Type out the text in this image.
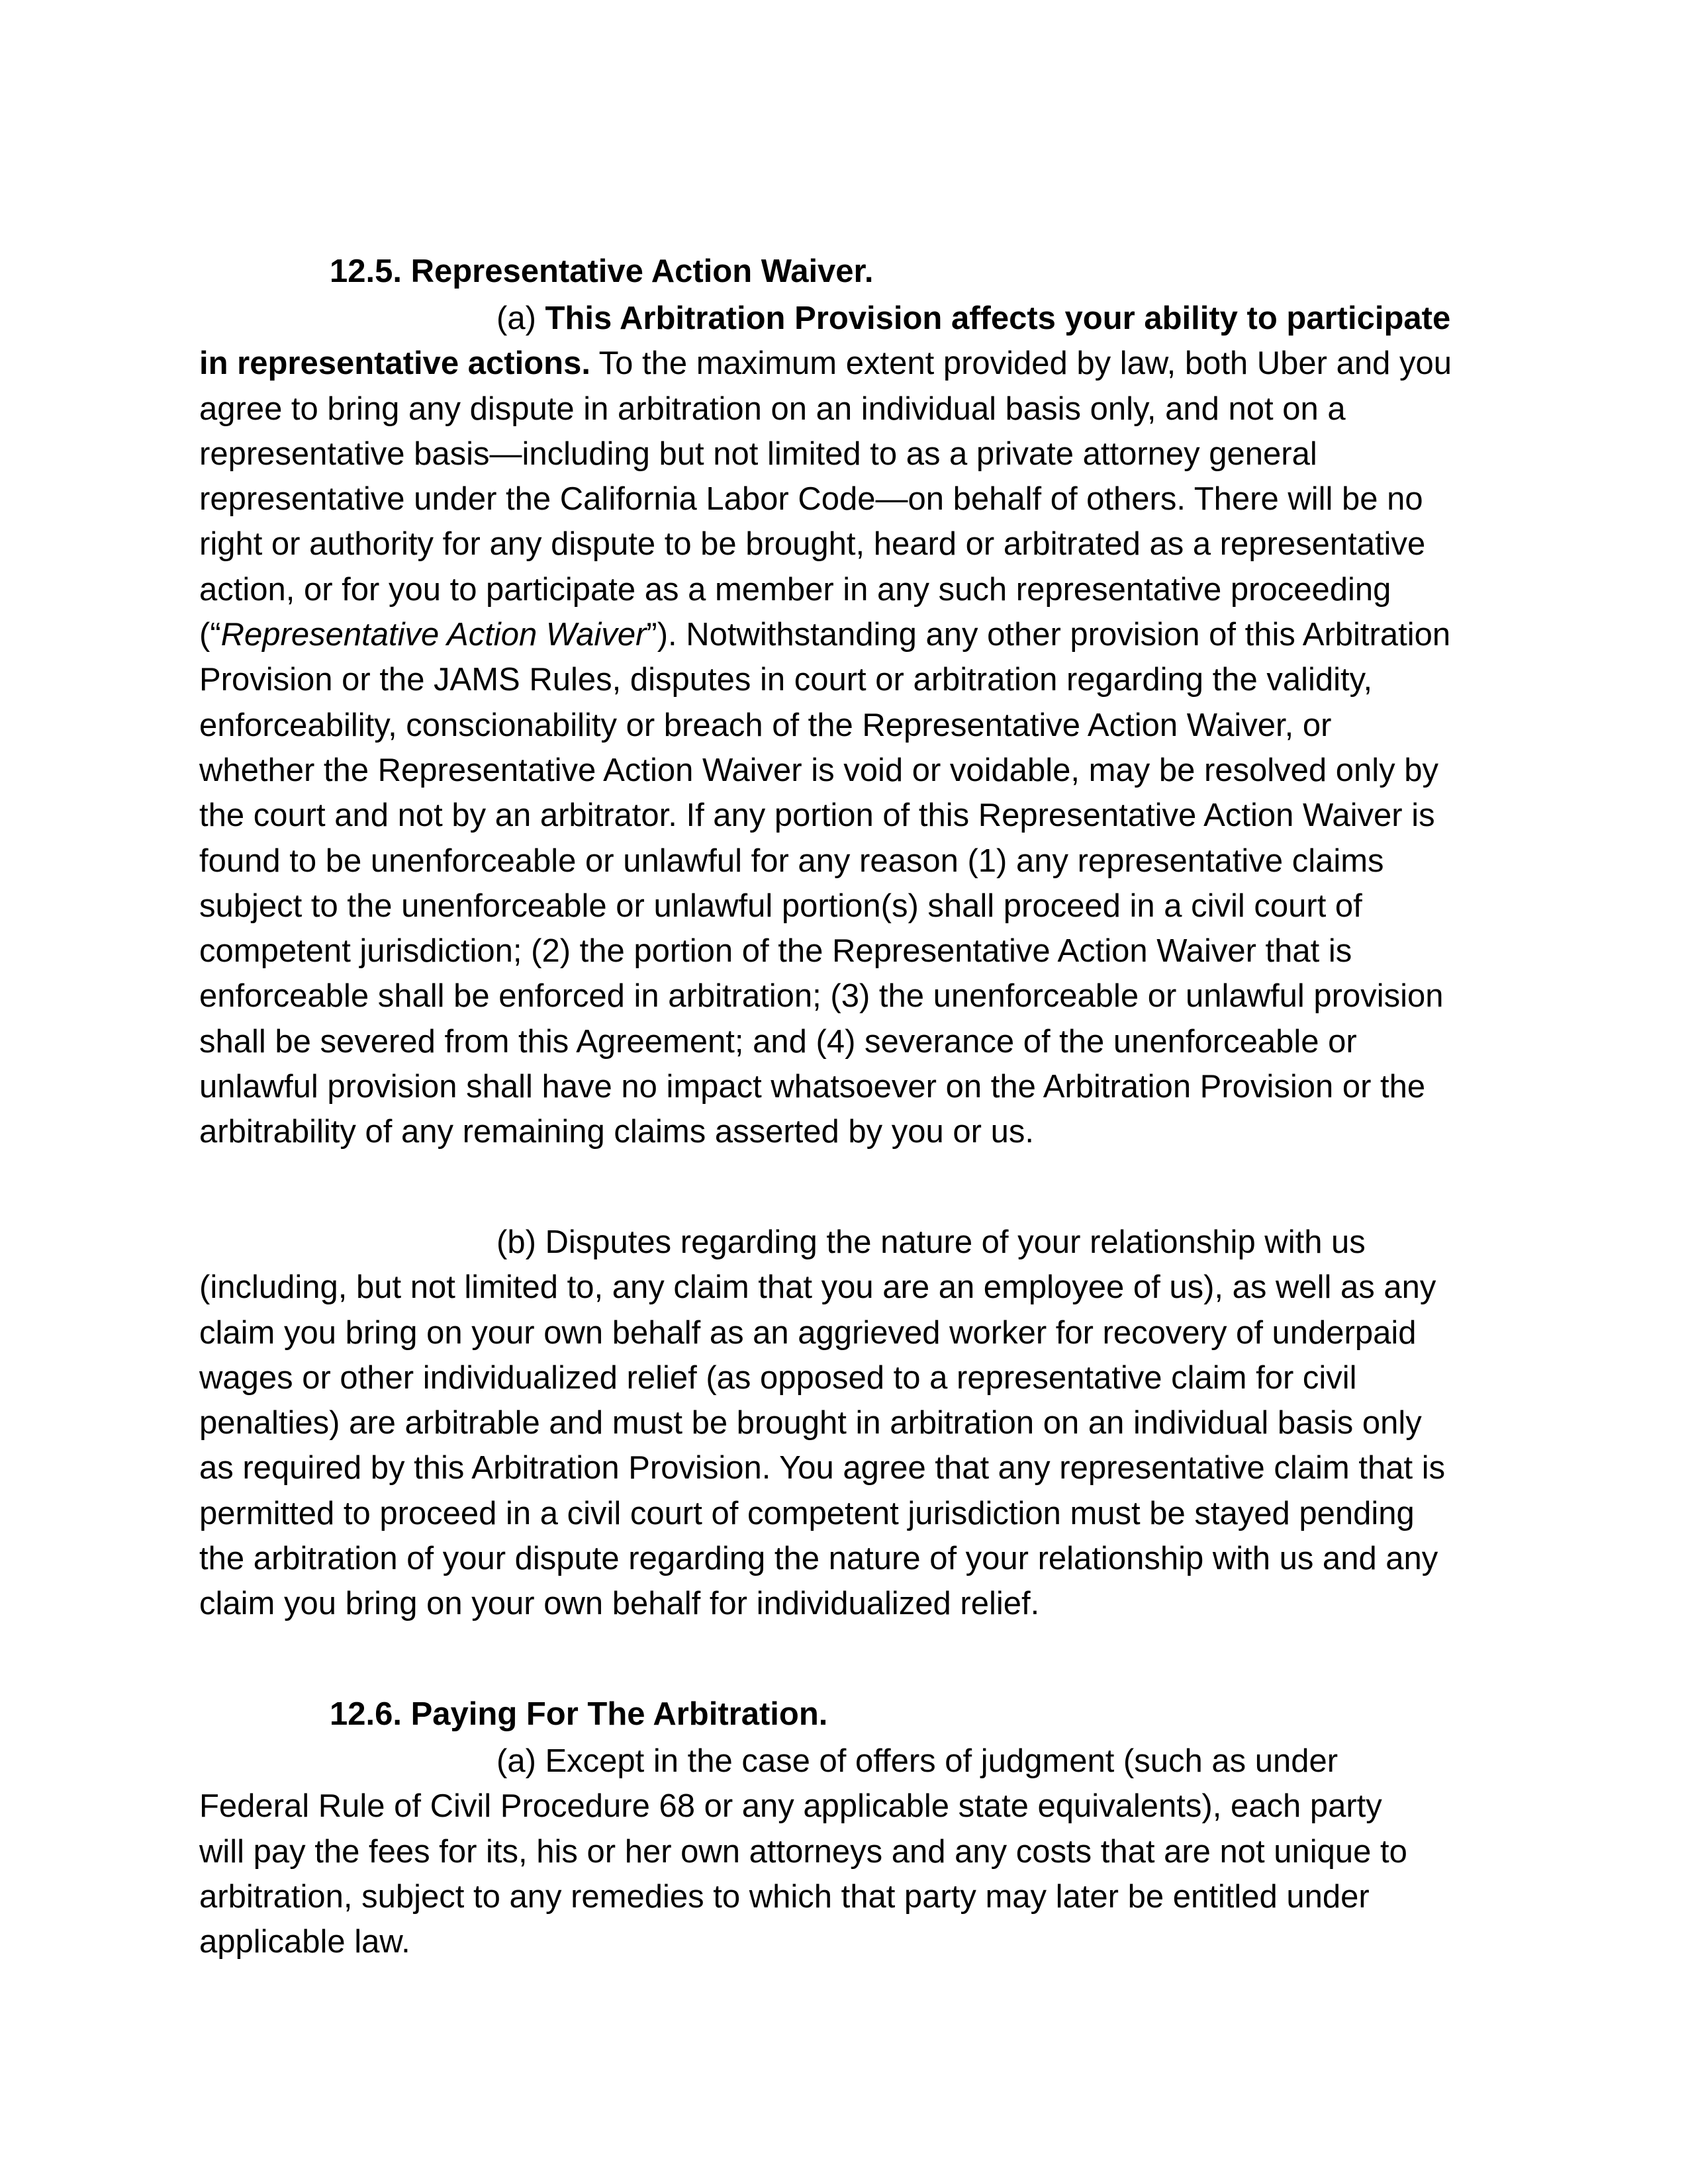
12.5. Representative Action Waiver.
(a) This Arbitration Provision affects your ability to participate
in representative actions. To the maximum extent provided by law, both Uber and you
agree to bring any dispute in arbitration on an individual basis only, and not on a
representative basis—including but not limited to as a private attorney general
representative under the California Labor Code—on behalf of others. There will be no
right or authority for any dispute to be brought, heard or arbitrated as a representative
action, or for you to participate as a member in any such representative proceeding
(“Representative Action Waiver”). Notwithstanding any other provision of this Arbitration
Provision or the JAMS Rules, disputes in court or arbitration regarding the validity,
enforceability, conscionability or breach of the Representative Action Waiver, or
whether the Representative Action Waiver is void or voidable, may be resolved only by
the court and not by an arbitrator. If any portion of this Representative Action Waiver is
found to be unenforceable or unlawful for any reason (1) any representative claims
subject to the unenforceable or unlawful portion(s) shall proceed in a civil court of
competent jurisdiction; (2) the portion of the Representative Action Waiver that is
enforceable shall be enforced in arbitration; (3) the unenforceable or unlawful provision
shall be severed from this Agreement; and (4) severance of the unenforceable or
unlawful provision shall have no impact whatsoever on the Arbitration Provision or the
arbitrability of any remaining claims asserted by you or us.
(b) Disputes regarding the nature of your relationship with us
(including, but not limited to, any claim that you are an employee of us), as well as any
claim you bring on your own behalf as an aggrieved worker for recovery of underpaid
wages or other individualized relief (as opposed to a representative claim for civil
penalties) are arbitrable and must be brought in arbitration on an individual basis only
as required by this Arbitration Provision. You agree that any representative claim that is
permitted to proceed in a civil court of competent jurisdiction must be stayed pending
the arbitration of your dispute regarding the nature of your relationship with us and any
claim you bring on your own behalf for individualized relief.
12.6. Paying For The Arbitration.
(a) Except in the case of offers of judgment (such as under
Federal Rule of Civil Procedure 68 or any applicable state equivalents), each party
will pay the fees for its, his or her own attorneys and any costs that are not unique to
arbitration, subject to any remedies to which that party may later be entitled under
applicable law.
